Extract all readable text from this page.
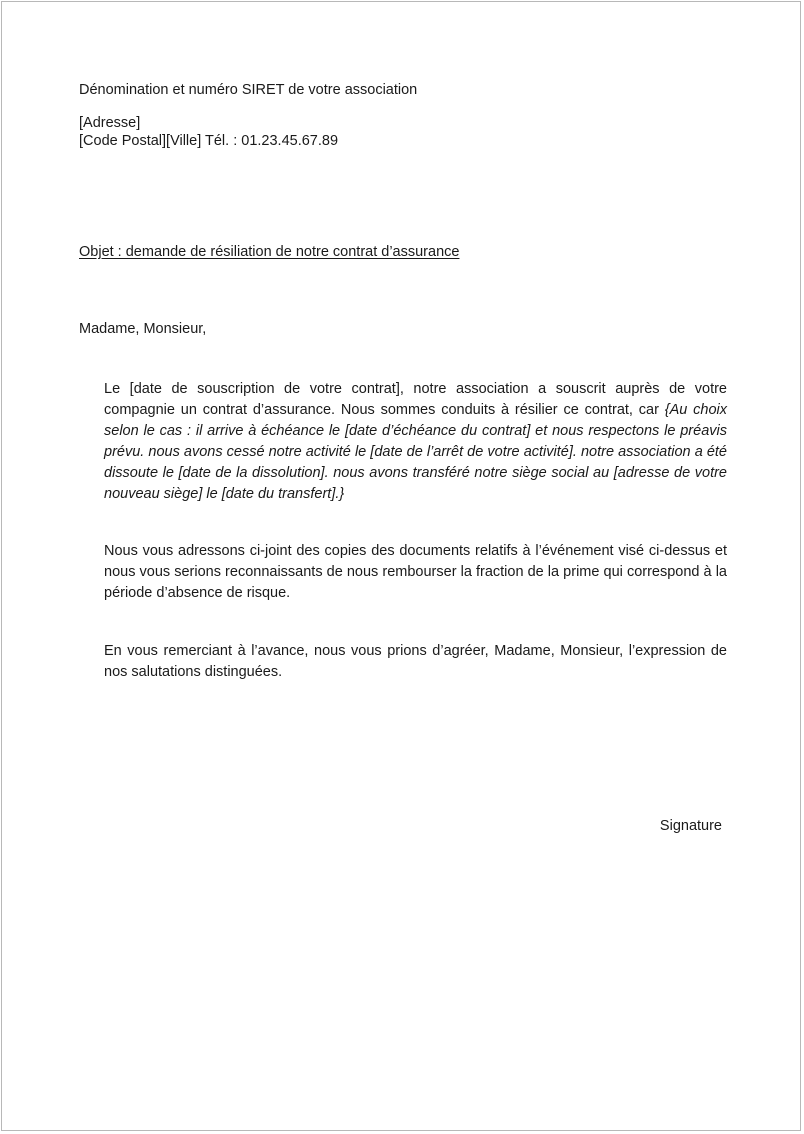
Dénomination et numéro SIRET de votre association
[Adresse]
[Code Postal][Ville] Tél. : 01.23.45.67.89
Objet : demande de résiliation de notre contrat d’assurance
Madame, Monsieur,
Le [date de souscription de votre contrat], notre association a souscrit auprès de votre compagnie un contrat d’assurance. Nous sommes conduits à résilier ce contrat, car {Au choix selon le cas : il arrive à échéance le [date d’échéance du contrat] et nous respectons le préavis prévu. nous avons cessé notre activité le [date de l’arrêt de votre activité]. notre association a été dissoute le [date de la dissolution]. nous avons transféré notre siège social au [adresse de votre nouveau siège] le [date du transfert].}
Nous vous adressons ci-joint des copies des documents relatifs à l’événement visé ci-dessus et nous vous serions reconnaissants de nous rembourser la fraction de la prime qui correspond à la période d’absence de risque.
En vous remerciant à l’avance, nous vous prions d’agréer, Madame, Monsieur, l’expression de nos salutations distinguées.
Signature
